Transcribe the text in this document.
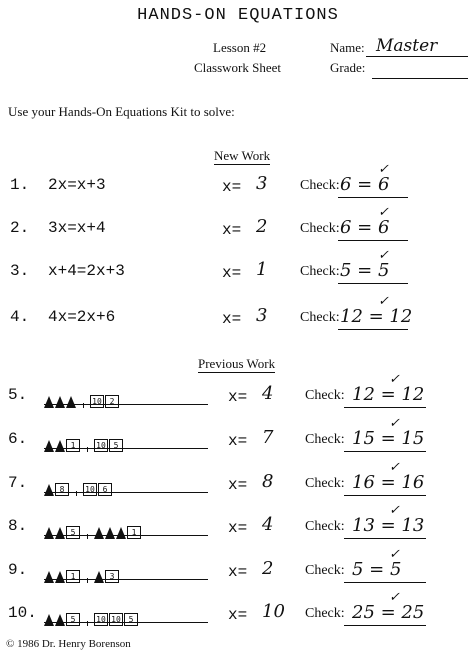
HANDS-ON EQUATIONS
Lesson #2
Classwork Sheet
Name: Master
Grade:
Use your Hands-On Equations Kit to solve:
New Work
1. 2x=x+3	x= 3 Check: 6 = 6
✓
2. 3x=x+4	x= 2 Check: 6 = 6
✓
3. x+4=2x+3	x= 1 Check: 5 = 5
✓
4. 4x=2x+6	x= 3 Check: 12 = 12
✓
Previous Work
5.	10 2	x= 4 Check: 12 = 12
✓
6.	1	10 5	x= 7 Check: 15 = 15
✓
7.	8	10 6	x= 8 Check: 16 = 16
✓
8.	5	1	x= 4 Check: 13 = 13
✓
9.	1	3	x= 2 Check: 5 = 5
✓
10.	5	10 10 5	x= 10 Check: 25 = 25
✓
© 1986 Dr. Henry Borenson
